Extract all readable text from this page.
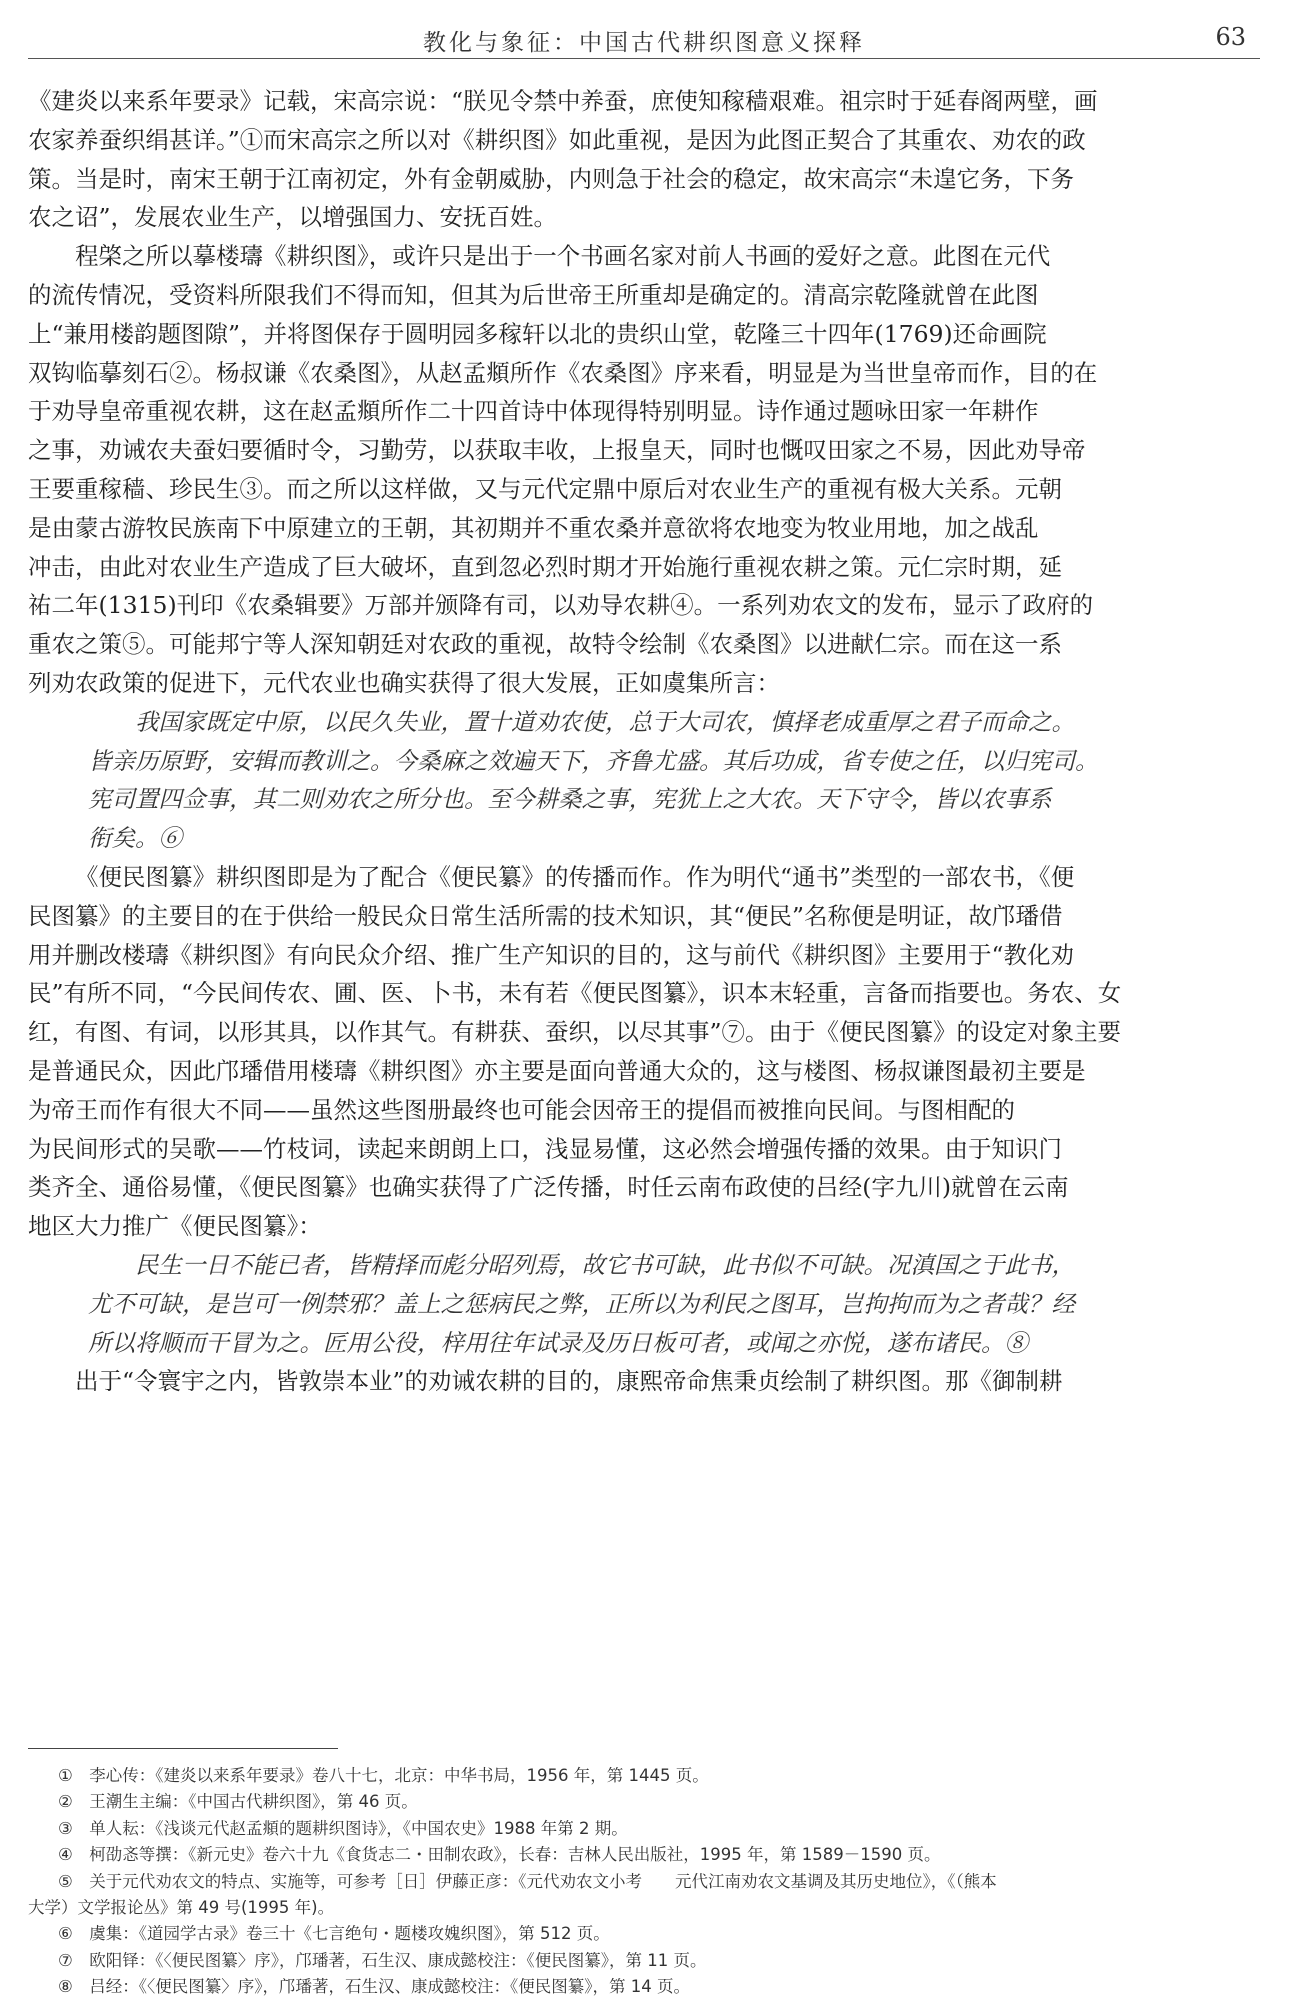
教化与象征：中国古代耕织图意义探释	63
《建炎以来系年要录》记载，宋高宗说：“朕见令禁中养蚕，庶使知稼穑艰难。祖宗时于延春阁两壁，画
农家养蚕织绢甚详。”①而宋高宗之所以对《耕织图》如此重视，是因为此图正契合了其重农、劝农的政
策。当是时，南宋王朝于江南初定，外有金朝威胁，内则急于社会的稳定，故宋高宗“未遑它务，下务
农之诏”，发展农业生产，以增强国力、安抚百姓。
程棨之所以摹楼璹《耕织图》，或许只是出于一个书画名家对前人书画的爱好之意。此图在元代
的流传情况，受资料所限我们不得而知，但其为后世帝王所重却是确定的。清高宗乾隆就曾在此图
上“兼用楼韵题图隙”，并将图保存于圆明园多稼轩以北的贵织山堂，乾隆三十四年(1769)还命画院
双钩临摹刻石②。杨叔谦《农桑图》，从赵孟頫所作《农桑图》序来看，明显是为当世皇帝而作，目的在
于劝导皇帝重视农耕，这在赵孟頫所作二十四首诗中体现得特别明显。诗作通过题咏田家一年耕作
之事，劝诫农夫蚕妇要循时令，习勤劳，以获取丰收，上报皇天，同时也慨叹田家之不易，因此劝导帝
王要重稼穑、珍民生③。而之所以这样做，又与元代定鼎中原后对农业生产的重视有极大关系。元朝
是由蒙古游牧民族南下中原建立的王朝，其初期并不重农桑并意欲将农地变为牧业用地，加之战乱
冲击，由此对农业生产造成了巨大破坏，直到忽必烈时期才开始施行重视农耕之策。元仁宗时期，延
祐二年(1315)刊印《农桑辑要》万部并颁降有司，以劝导农耕④。一系列劝农文的发布，显示了政府的
重农之策⑤。可能邦宁等人深知朝廷对农政的重视，故特令绘制《农桑图》以进献仁宗。而在这一系
列劝农政策的促进下，元代农业也确实获得了很大发展，正如虞集所言：
我国家既定中原，以民久失业，置十道劝农使，总于大司农，慎择老成重厚之君子而命之。
皆亲历原野，安辑而教训之。今桑麻之效遍天下，齐鲁尤盛。其后功成，省专使之任，以归宪司。
宪司置四佥事，其二则劝农之所分也。至今耕桑之事，宪犹上之大农。天下守令，皆以农事系
衔矣。⑥
《便民图纂》耕织图即是为了配合《便民纂》的传播而作。作为明代“通书”类型的一部农书，《便
民图纂》的主要目的在于供给一般民众日常生活所需的技术知识，其“便民”名称便是明证，故邝璠借
用并删改楼璹《耕织图》有向民众介绍、推广生产知识的目的，这与前代《耕织图》主要用于“教化劝
民”有所不同，“今民间传农、圃、医、卜书，未有若《便民图纂》，识本末轻重，言备而指要也。务农、女
红，有图、有词，以形其具，以作其气。有耕获、蚕织，以尽其事”⑦。由于《便民图纂》的设定对象主要
是普通民众，因此邝璠借用楼璹《耕织图》亦主要是面向普通大众的，这与楼图、杨叔谦图最初主要是
为帝王而作有很大不同——虽然这些图册最终也可能会因帝王的提倡而被推向民间。与图相配的
为民间形式的吴歌——竹枝词，读起来朗朗上口，浅显易懂，这必然会增强传播的效果。由于知识门
类齐全、通俗易懂，《便民图纂》也确实获得了广泛传播，时任云南布政使的吕经(字九川)就曾在云南
地区大力推广《便民图纂》：
民生一日不能已者，皆精择而彪分昭列焉，故它书可缺，此书似不可缺。况滇国之于此书，
尤不可缺，是岂可一例禁邪？盖上之惩病民之弊，正所以为利民之图耳，岂拘拘而为之者哉？经
所以将顺而干冒为之。匠用公役，梓用往年试录及历日板可者，或闻之亦悦，遂布诸民。⑧
出于“令寰宇之内，皆敦崇本业”的劝诫农耕的目的，康熙帝命焦秉贞绘制了耕织图。那《御制耕
①　李心传：《建炎以来系年要录》卷八十七，北京：中华书局，1956 年，第 1445 页。
②　王潮生主编：《中国古代耕织图》，第 46 页。
③　单人耘：《浅谈元代赵孟頫的题耕织图诗》，《中国农史》1988 年第 2 期。
④　柯劭忞等撰：《新元史》卷六十九《食货志二・田制农政》，长春：吉林人民出版社，1995 年，第 1589－1590 页。
⑤　关于元代劝农文的特点、实施等，可参考［日］伊藤正彦：《元代劝农文小考　　元代江南劝农文基调及其历史地位》，《（熊本
大学）文学报论丛》第 49 号(1995 年)。
⑥　虞集：《道园学古录》卷三十《七言绝句・题楼攻媿织图》，第 512 页。
⑦　欧阳铎：《〈便民图纂〉序》，邝璠著，石生汉、康成懿校注：《便民图纂》，第 11 页。
⑧　吕经：《〈便民图纂〉序》，邝璠著，石生汉、康成懿校注：《便民图纂》，第 14 页。
